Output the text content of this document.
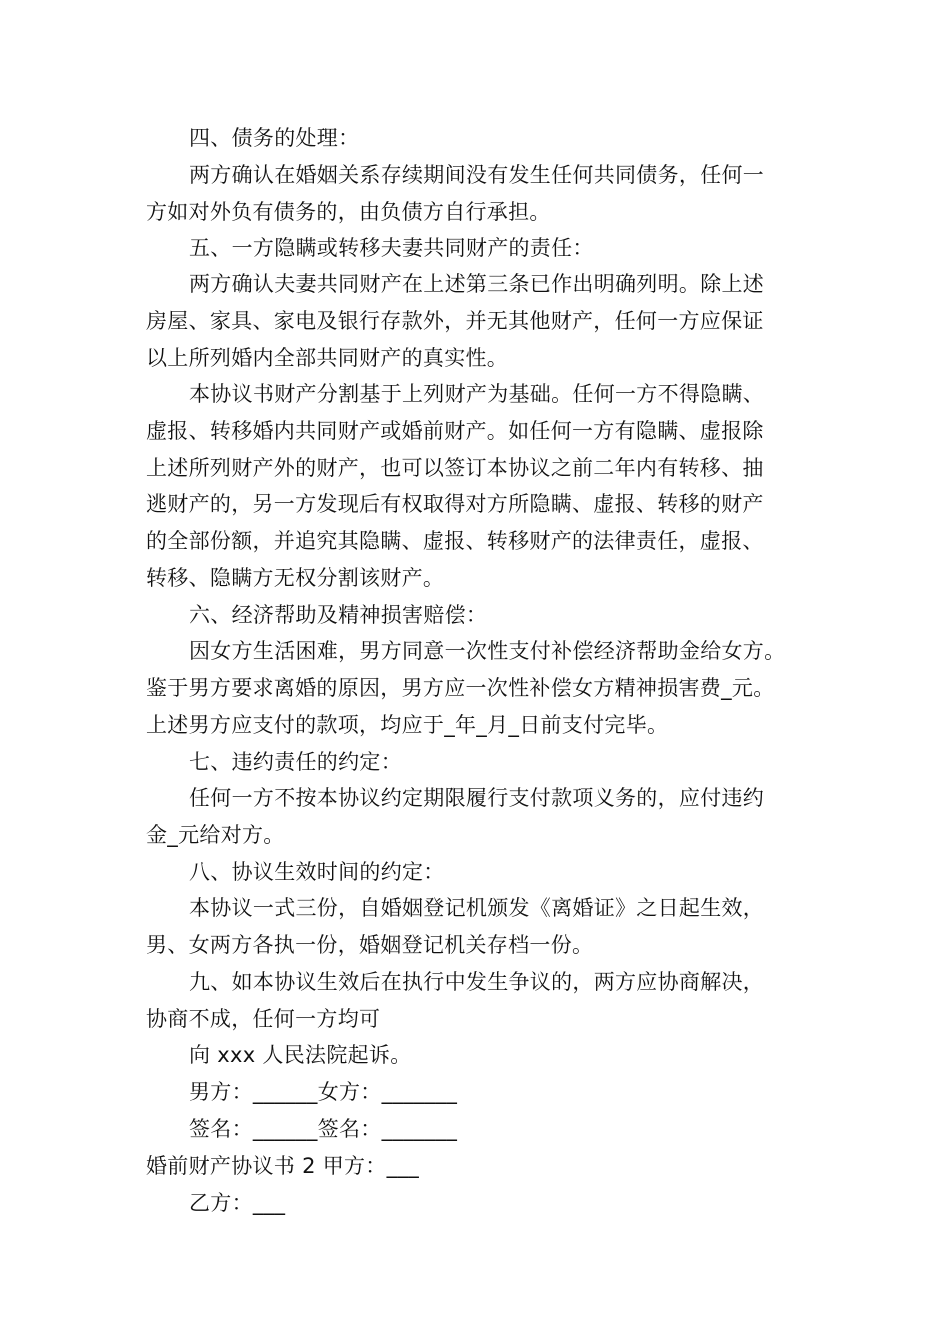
四、债务的处理：
两方确认在婚姻关系存续期间没有发生任何共同债务，任何一
方如对外负有债务的，由负债方自行承担。
五、一方隐瞒或转移夫妻共同财产的责任：
两方确认夫妻共同财产在上述第三条已作出明确列明。除上述
房屋、家具、家电及银行存款外，并无其他财产，任何一方应保证
以上所列婚内全部共同财产的真实性。
本协议书财产分割基于上列财产为基础。任何一方不得隐瞒、
虚报、转移婚内共同财产或婚前财产。如任何一方有隐瞒、虚报除
上述所列财产外的财产，也可以签订本协议之前二年内有转移、抽
逃财产的，另一方发现后有权取得对方所隐瞒、虚报、转移的财产
的全部份额，并追究其隐瞒、虚报、转移财产的法律责任，虚报、
转移、隐瞒方无权分割该财产。
六、经济帮助及精神损害赔偿：
因女方生活困难，男方同意一次性支付补偿经济帮助金给女方。
鉴于男方要求离婚的原因，男方应一次性补偿女方精神损害费_元。
上述男方应支付的款项，均应于_年_月_日前支付完毕。
七、违约责任的约定：
任何一方不按本协议约定期限履行支付款项义务的，应付违约
金_元给对方。
八、协议生效时间的约定：
本协议一式三份，自婚姻登记机颁发《离婚证》之日起生效，
男、女两方各执一份，婚姻登记机关存档一份。
九、如本协议生效后在执行中发生争议的，两方应协商解决，
协商不成，任何一方均可
向 xxx 人民法院起诉。
男方：______女方：_______
签名：______签名：_______
婚前财产协议书 2 甲方：___
乙方：___
